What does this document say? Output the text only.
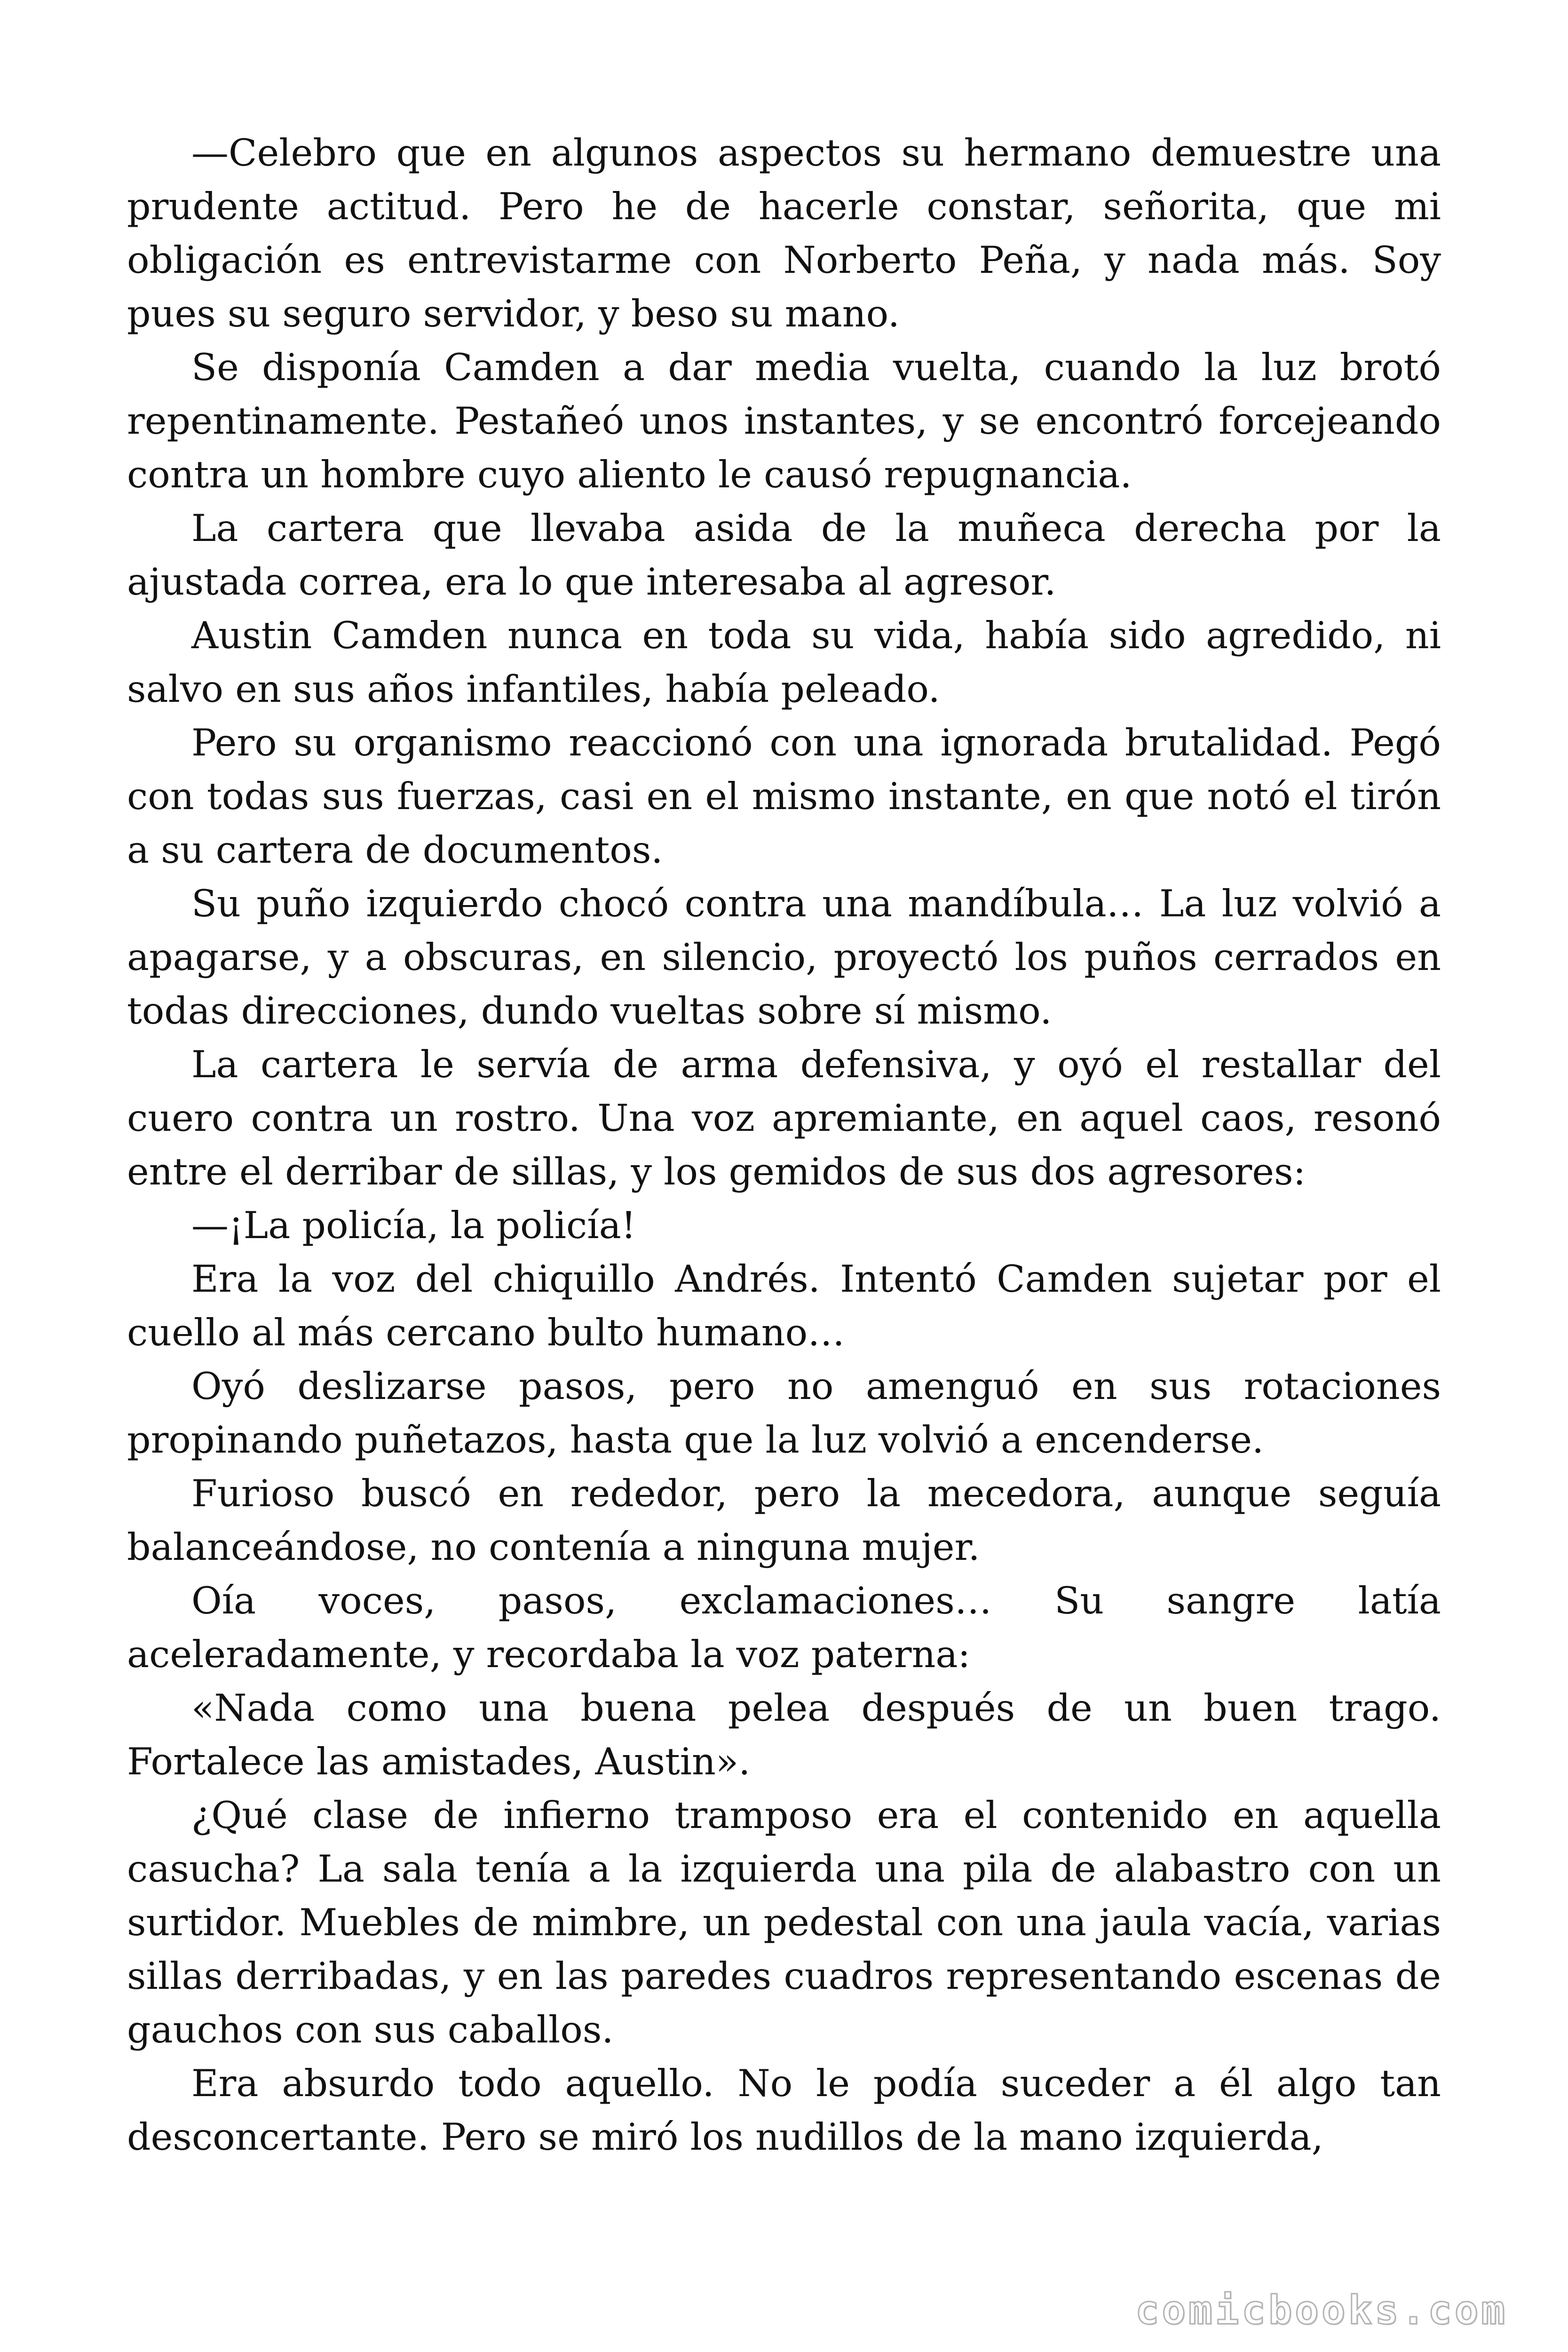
—Celebro que en algunos aspectos su hermano demuestre una prudente actitud. Pero he de hacerle constar, señorita, que mi obligación es entrevistarme con Norberto Peña, y nada más. Soy pues su seguro servidor, y beso su mano.

Se disponía Camden a dar media vuelta, cuando la luz brotó repentinamente. Pestañeó unos instantes, y se encontró forcejeando contra un hombre cuyo aliento le causó repugnancia.

La cartera que llevaba asida de la muñeca derecha por la ajustada correa, era lo que interesaba al agresor.

Austin Camden nunca en toda su vida, había sido agredido, ni salvo en sus años infantiles, había peleado.

Pero su organismo reaccionó con una ignorada brutalidad. Pegó con todas sus fuerzas, casi en el mismo instante, en que notó el tirón a su cartera de documentos.

Su puño izquierdo chocó contra una mandíbula… La luz volvió a apagarse, y a obscuras, en silencio, proyectó los puños cerrados en todas direcciones, dundo vueltas sobre sí mismo.

La cartera le servía de arma defensiva, y oyó el restallar del cuero contra un rostro. Una voz apremiante, en aquel caos, resonó entre el derribar de sillas, y los gemidos de sus dos agresores:

—¡La policía, la policía!

Era la voz del chiquillo Andrés. Intentó Camden sujetar por el cuello al más cercano bulto humano…

Oyó deslizarse pasos, pero no amenguó en sus rotaciones propinando puñetazos, hasta que la luz volvió a encenderse.

Furioso buscó en rededor, pero la mecedora, aunque seguía balanceándose, no contenía a ninguna mujer.

Oía voces, pasos, exclamaciones… Su sangre latía aceleradamente, y recordaba la voz paterna:

«Nada como una buena pelea después de un buen trago. Fortalece las amistades, Austin».

¿Qué clase de infierno tramposo era el contenido en aquella casucha? La sala tenía a la izquierda una pila de alabastro con un surtidor. Muebles de mimbre, un pedestal con una jaula vacía, varias sillas derribadas, y en las paredes cuadros representando escenas de gauchos con sus caballos.

Era absurdo todo aquello. No le podía suceder a él algo tan desconcertante. Pero se miró los nudillos de la mano izquierda,

comicbooks.com
